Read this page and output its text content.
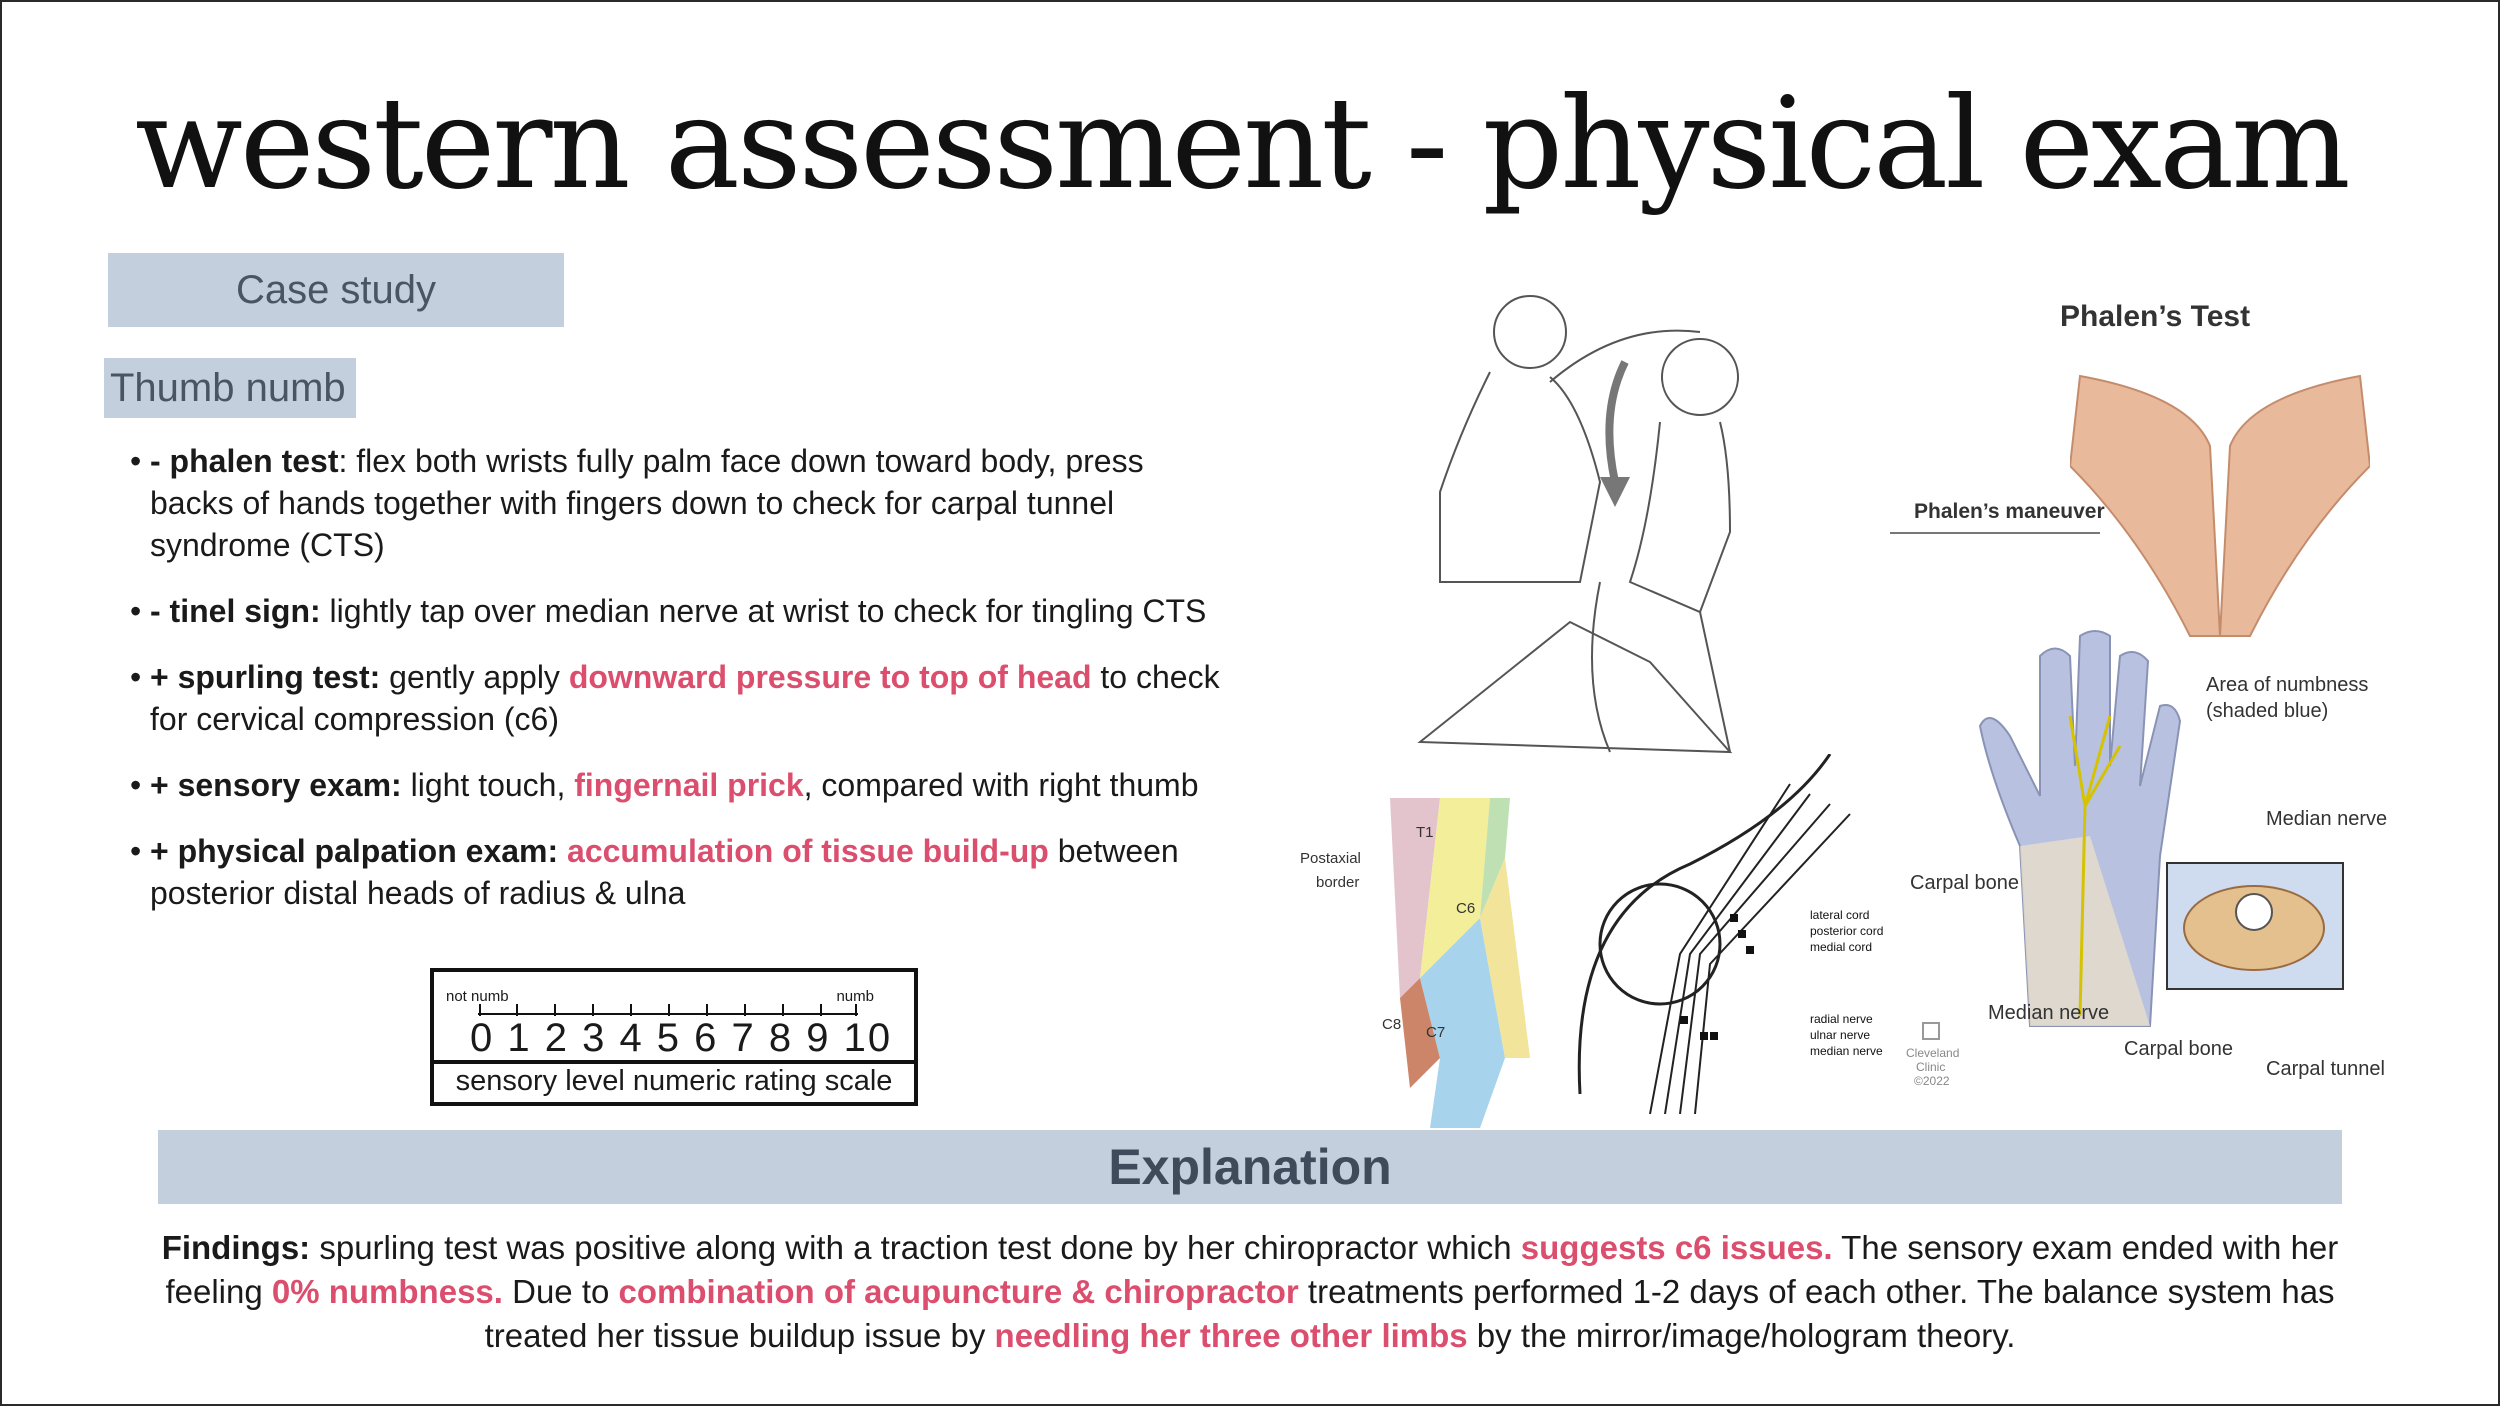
western assessment - physical exam
Case study
Thumb numb
• - phalen test: flex both wrists fully palm face down toward body, press backs of hands together with fingers down to check for carpal tunnel syndrome (CTS)
• - tinel sign: lightly tap over median nerve at wrist to check for tingling CTS
• + spurling test: gently apply downward pressure to top of head to check for cervical compression (c6)
• + sensory exam: light touch, fingernail prick, compared with right thumb
• + physical palpation exam: accumulation of tissue build-up between posterior distal heads of radius & ulna
not numb	numb
0 1 2 3 4 5 6 7 8 9 10
sensory level numeric rating scale
Phalen’s Test
Phalen’s maneuver
Area of numbness
(shaded blue)
Median nerve
Carpal bone
Median nerve
Carpal bone
Carpal tunnel
Postaxial
border
T1
C6
C8 C7
lateral cord
posterior cord
medial cord
radial nerve
ulnar nerve
median nerve Cleveland
Clinic
©2022
Explanation
Findings: spurling test was positive along with a traction test done by her chiropractor which suggests c6 issues. The sensory exam ended with her feeling 0% numbness. Due to combination of acupuncture & chiropractor treatments performed 1-2 days of each other. The balance system has treated her tissue buildup issue by needling her three other limbs by the mirror/image/hologram theory.
